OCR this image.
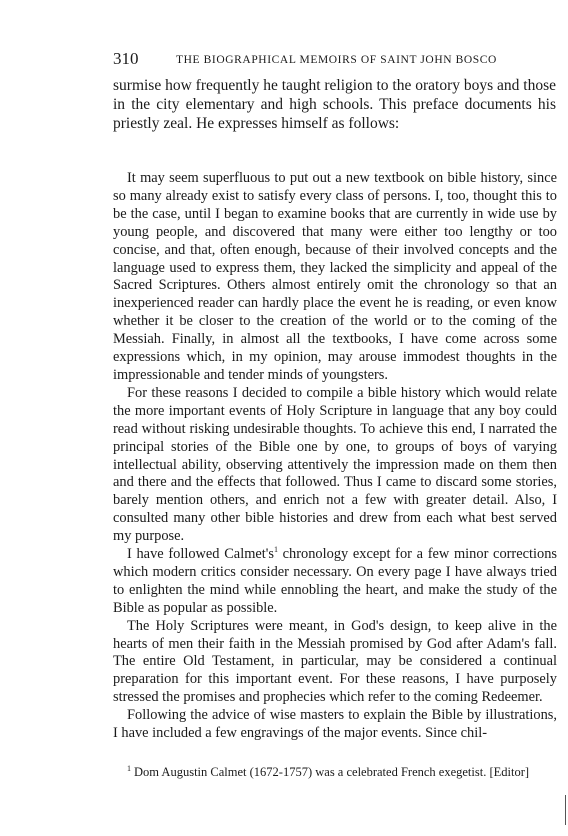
310	THE BIOGRAPHICAL MEMOIRS OF SAINT JOHN BOSCO

surmise how frequently he taught religion to the oratory boys and those in the city elementary and high schools. This preface documents his priestly zeal. He expresses himself as follows:

It may seem superfluous to put out a new textbook on bible history, since so many already exist to satisfy every class of persons. I, too, thought this to be the case, until I began to examine books that are currently in wide use by young people, and discovered that many were either too lengthy or too concise, and that, often enough, because of their involved concepts and the language used to express them, they lacked the simplicity and appeal of the Sacred Scriptures. Others almost entirely omit the chronology so that an inexperienced reader can hardly place the event he is reading, or even know whether it be closer to the creation of the world or to the coming of the Messiah. Finally, in almost all the textbooks, I have come across some expressions which, in my opinion, may arouse immodest thoughts in the impressionable and tender minds of youngsters.

For these reasons I decided to compile a bible history which would relate the more important events of Holy Scripture in language that any boy could read without risking undesirable thoughts. To achieve this end, I narrated the principal stories of the Bible one by one, to groups of boys of varying intellectual ability, observing attentively the impression made on them then and there and the effects that followed. Thus I came to discard some stories, barely mention others, and enrich not a few with greater detail. Also, I consulted many other bible histories and drew from each what best served my purpose.

I have followed Calmet's$^1$ chronology except for a few minor corrections which modern critics consider necessary. On every page I have always tried to enlighten the mind while ennobling the heart, and make the study of the Bible as popular as possible.

The Holy Scriptures were meant, in God's design, to keep alive in the hearts of men their faith in the Messiah promised by God after Adam's fall. The entire Old Testament, in particular, may be considered a continual preparation for this important event. For these reasons, I have purposely stressed the promises and prophecies which refer to the coming Redeemer.

Following the advice of wise masters to explain the Bible by illustrations, I have included a few engravings of the major events. Since chil-

$^1$ Dom Augustin Calmet (1672-1757) was a celebrated French exegetist. [Editor]
